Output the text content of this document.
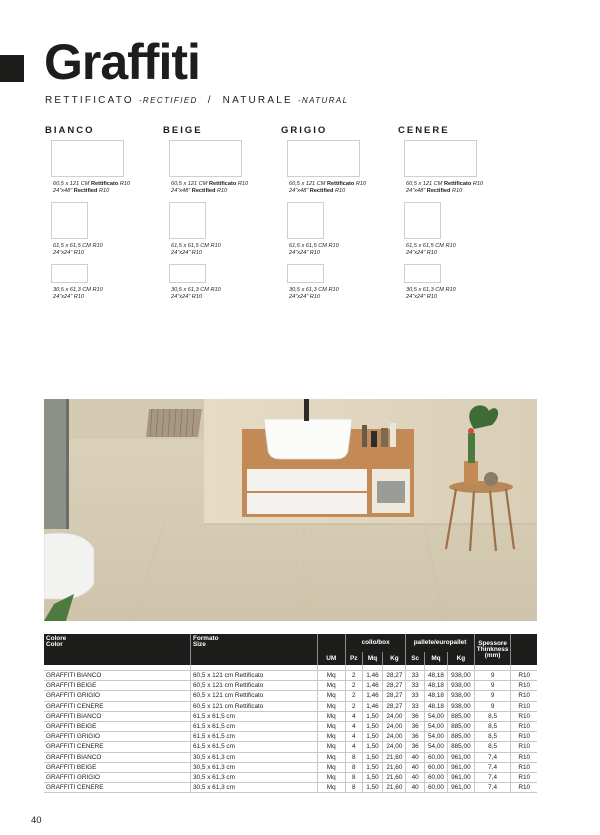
Graffiti
RETTIFICATO -RECTIFIED / NATURALE -NATURAL
BIANCO
60,5 x 121 CM Rettificato R10
24"x48" Rectified R10
61,5 x 61,5 CM R10
24"x24" R10
30,5 x 61,3 CM R10
24"x24" R10
BEIGE
60,5 x 121 CM Rettificato R10
24"x48" Rectified R10
61,5 x 61,5 CM R10
24"x24" R10
30,5 x 61,3 CM R10
24"x24" R10
GRIGIO
60,5 x 121 CM Rettificato R10
24"x48" Rectified R10
61,5 x 61,5 CM R10
24"x24" R10
30,5 x 61,3 CM R10
24"x24" R10
CENERE
60,5 x 121 CM Rettificato R10
24"x48" Rectified R10
61,5 x 61,5 CM R10
24"x24" R10
30,5 x 61,3 CM R10
24"x24" R10
Colore
Color	Formato
Size		collo/box			pallete/europallet			Spessore
Thinkness
(mm)	
		UM	Pz	Mq	Kg	Sc	Mq	Kg		

GRAFFITI BIANCO	60,5 x 121 cm Rettificato	Mq	2	1,46	28,27	33	48,18	938,00	9	R10
GRAFFITI BEIGE	60,5 x 121 cm Rettificato	Mq	2	1,46	28,27	33	48,18	938,00	9	R10
GRAFFITI GRIGIO	60,5 x 121 cm Rettificato	Mq	2	1,46	28,27	33	48,18	938,00	9	R10
GRAFFITI CENERE	60,5 x 121 cm Rettificato	Mq	2	1,46	28,27	33	48,18	938,00	9	R10
GRAFFITI BIANCO	61,5 x 61,5 cm	Mq	4	1,50	24,00	36	54,00	885,00	8,5	R10
GRAFFITI BEIGE	61,5 x 61,5 cm	Mq	4	1,50	24,00	36	54,00	885,00	8,5	R10
GRAFFITI GRIGIO	61,5 x 61,5 cm	Mq	4	1,50	24,00	36	54,00	885,00	8,5	R10
GRAFFITI CENERE	61,5 x 61,5 cm	Mq	4	1,50	24,00	36	54,00	885,00	8,5	R10
GRAFFITI BIANCO	30,5 x 61,3 cm	Mq	8	1,50	21,60	40	60,00	961,00	7,4	R10
GRAFFITI BEIGE	30,5 x 61,3 cm	Mq	8	1,50	21,60	40	60,00	961,00	7,4	R10
GRAFFITI GRIGIO	30,5 x 61,3 cm	Mq	8	1,50	21,60	40	60,00	961,00	7,4	R10
GRAFFITI CENERE	30,5 x 61,3 cm	Mq	8	1,50	21,60	40	60,00	961,00	7,4	R10
40
